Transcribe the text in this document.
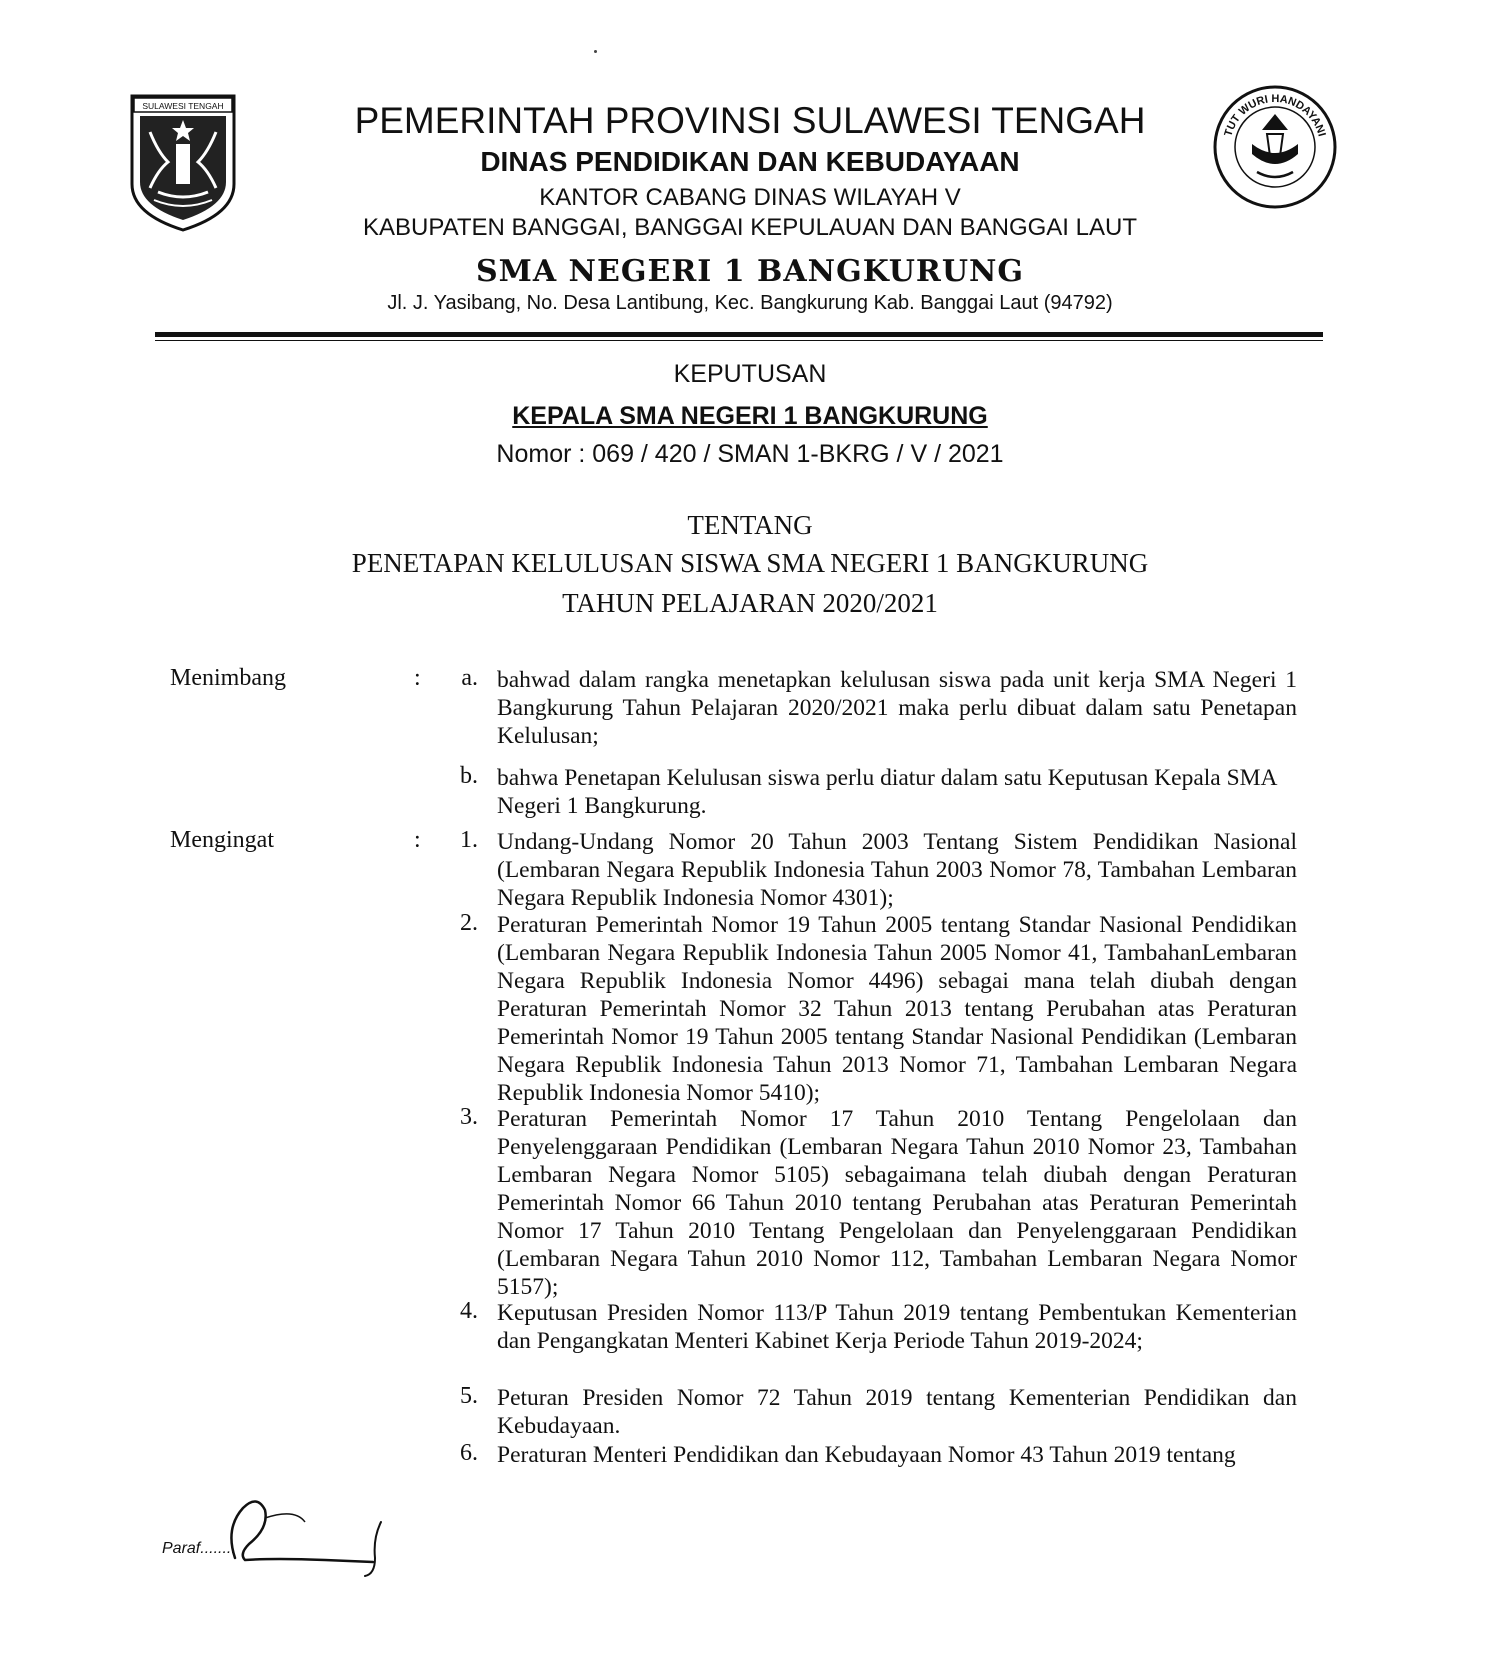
SULAWESI TENGAH
TUT WURI HANDAYANI
PEMERINTAH PROVINSI SULAWESI TENGAH
DINAS PENDIDIKAN DAN KEBUDAYAAN
KANTOR CABANG DINAS WILAYAH V
KABUPATEN BANGGAI, BANGGAI KEPULAUAN DAN BANGGAI LAUT
SMA NEGERI 1 BANGKURUNG
Jl. J. Yasibang, No. Desa Lantibung, Kec. Bangkurung Kab. Banggai Laut (94792)
KEPUTUSAN
KEPALA SMA NEGERI 1 BANGKURUNG
Nomor : 069 / 420 / SMAN 1-BKRG / V / 2021
TENTANG
PENETAPAN KELULUSAN SISWA SMA NEGERI 1 BANGKURUNG
TAHUN PELAJARAN 2020/2021
Menimbang	:	a. bahwad dalam rangka menetapkan kelulusan siswa pada unit kerja SMA Negeri 1 Bangkurung Tahun Pelajaran 2020/2021 maka perlu dibuat dalam satu Penetapan Kelulusan;
b. bahwa Penetapan Kelulusan siswa perlu diatur dalam satu Keputusan Kepala SMA Negeri 1 Bangkurung.
Mengingat	:	1. Undang-Undang Nomor 20 Tahun 2003 Tentang Sistem Pendidikan Nasional (Lembaran Negara Republik Indonesia Tahun 2003 Nomor 78, Tambahan Lembaran Negara Republik Indonesia Nomor 4301);
2. Peraturan Pemerintah Nomor 19 Tahun 2005 tentang Standar Nasional Pendidikan (Lembaran Negara Republik Indonesia Tahun 2005 Nomor 41, TambahanLembaran Negara Republik Indonesia Nomor 4496) sebagai mana telah diubah dengan Peraturan Pemerintah Nomor 32 Tahun 2013 tentang Perubahan atas Peraturan Pemerintah Nomor 19 Tahun 2005 tentang Standar Nasional Pendidikan (Lembaran Negara Republik Indonesia Tahun 2013 Nomor 71, Tambahan Lembaran Negara Republik Indonesia Nomor 5410);
3. Peraturan Pemerintah Nomor 17 Tahun 2010 Tentang Pengelolaan dan Penyelenggaraan Pendidikan (Lembaran Negara Tahun 2010 Nomor 23, Tambahan Lembaran Negara Nomor 5105) sebagaimana telah diubah dengan Peraturan Pemerintah Nomor 66 Tahun 2010 tentang Perubahan atas Peraturan Pemerintah Nomor 17 Tahun 2010 Tentang Pengelolaan dan Penyelenggaraan Pendidikan (Lembaran Negara Tahun 2010 Nomor 112, Tambahan Lembaran Negara Nomor 5157);
4. Keputusan Presiden Nomor 113/P Tahun 2019 tentang Pembentukan Kementerian dan Pengangkatan Menteri Kabinet Kerja Periode Tahun 2019-2024;
5. Peturan Presiden Nomor 72 Tahun 2019 tentang Kementerian Pendidikan dan Kebudayaan.
6. Peraturan Menteri Pendidikan dan Kebudayaan Nomor 43 Tahun 2019 tentang
Paraf........
